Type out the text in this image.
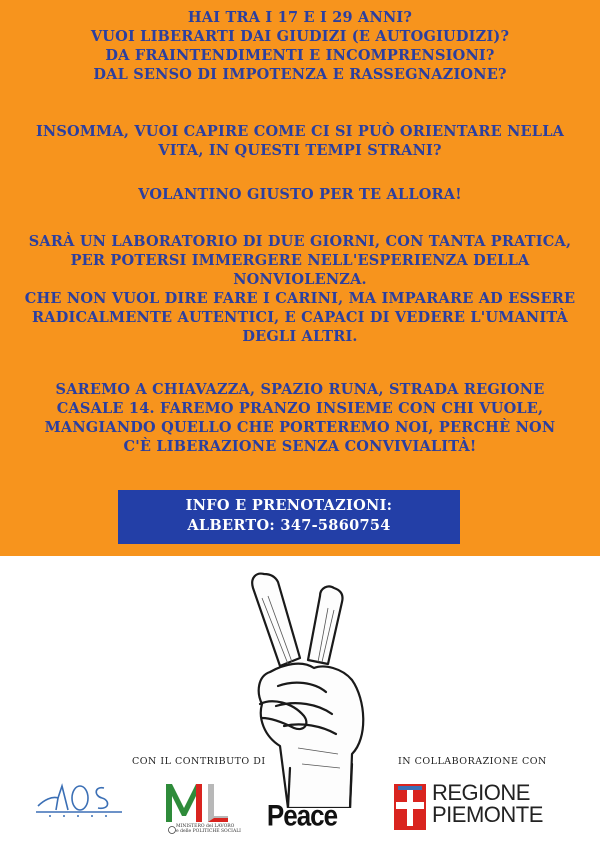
HAI TRA I 17 E I 29 ANNI?
VUOI LIBERARTI DAI GIUDIZI (E AUTOGIUDIZI)?
DA FRAINTENDIMENTI E INCOMPRENSIONI?
DAL SENSO DI IMPOTENZA E RASSEGNAZIONE?
INSOMMA, VUOI CAPIRE COME CI SI PUÒ ORIENTARE NELLA
VITA, IN QUESTI TEMPI STRANI?
VOLANTINO GIUSTO PER TE ALLORA!
SARÀ UN LABORATORIO DI DUE GIORNI, CON TANTA PRATICA,
PER POTERSI IMMERGERE NELL'ESPERIENZA DELLA
NONVIOLENZA.
CHE NON VUOL DIRE FARE I CARINI, MA IMPARARE AD ESSERE
RADICALMENTE AUTENTICI, E CAPACI DI VEDERE L'UMANITÀ
DEGLI ALTRI.
SAREMO A CHIAVAZZA, SPAZIO RUNA, STRADA REGIONE
CASALE 14. FAREMO PRANZO INSIEME CON CHI VUOLE,
MANGIANDO QUELLO CHE PORTEREMO NOI, PERCHÈ NON
C'È LIBERAZIONE SENZA CONVIVIALITÀ!
INFO E PRENOTAZIONI:
ALBERTO: 347-5860754
Peace
CON IL CONTRIBUTO DI	IN COLLABORAZIONE CON
MINISTERO del LAVORO
e delle POLITICHE SOCIALI
REGIONE
PIEMONTE
